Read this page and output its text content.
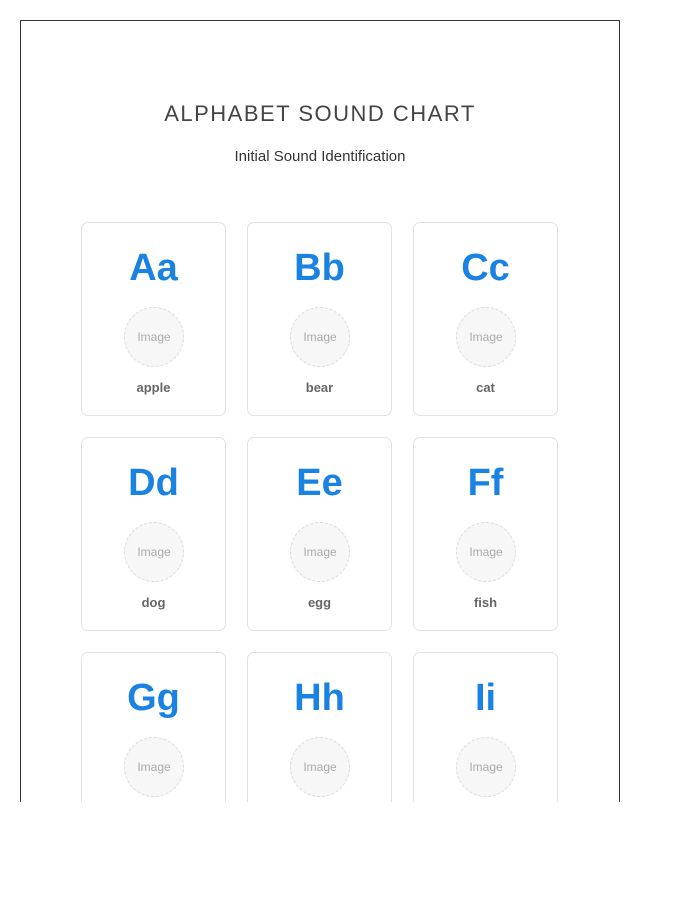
ALPHABET SOUND CHART
Initial Sound Identification
Aa
Image
apple
Bb
Image
bear
Cc
Image
cat
Dd
Image
dog
Ee
Image
egg
Ff
Image
fish
Gg
Image
Hh
Image
Ii
Image
